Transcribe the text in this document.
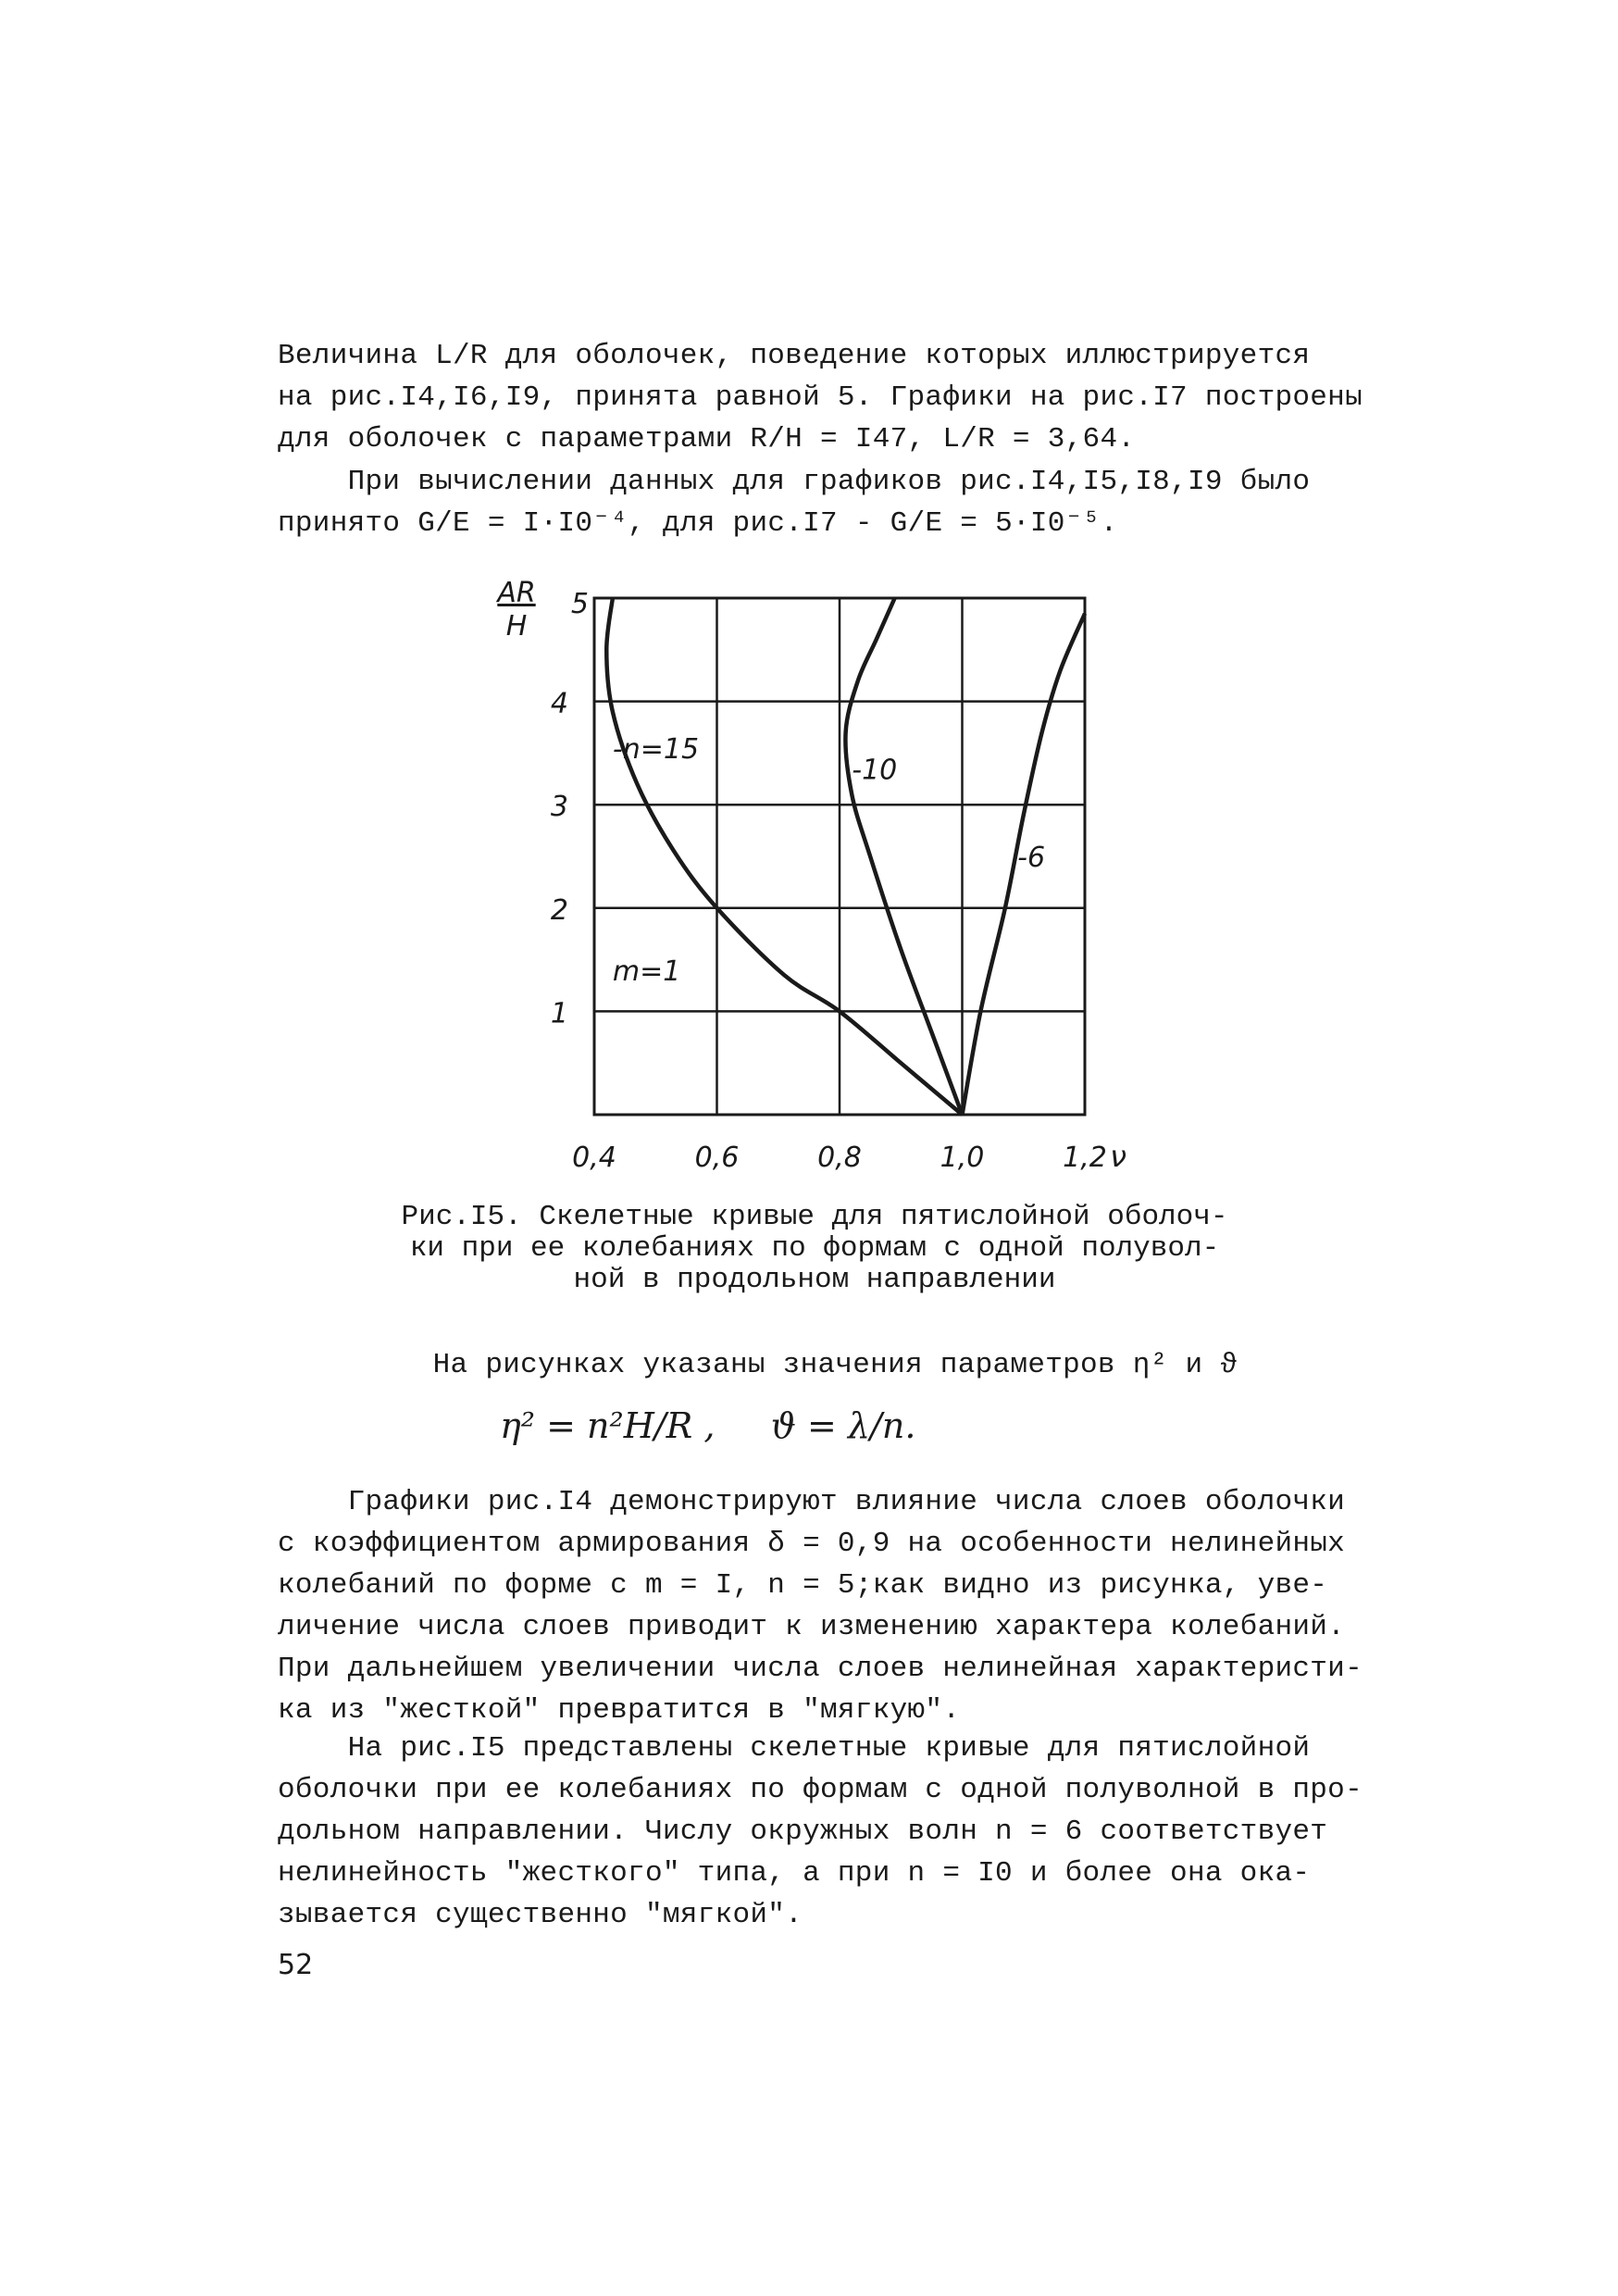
Величина L/R для оболочек, поведение которых иллюстрируется
на рис.I4,I6,I9, принята равной 5. Графики на рис.I7 построены
для оболочек с параметрами R/H = I47, L/R = 3,64.

При вычислении данных для графиков рис.I4,I5,I8,I9 было
принято G/E = I·I0⁻⁴, для рис.I7 - G/E = 5·I0⁻⁵.

0,4	0,6	0,8	1,0	1,2
1
2
3
4
5
ν
AR
H
-n=15
-10
-6
m=1

Рис.I5. Скелетные кривые для пятислойной оболоч-
ки при ее колебаниях по формам с одной полувол-
ной в продольном направлении

На рисунках указаны значения параметров η² и ϑ

η² = n²H/R ,     ϑ = λ/n.

Графики рис.I4 демонстрируют влияние числа слоев оболочки
с коэффициентом армирования δ = 0,9 на особенности нелинейных
колебаний по форме с m = I, n = 5;как видно из рисунка, уве-
личение числа слоев приводит к изменению характера колебаний.
При дальнейшем увеличении числа слоев нелинейная характеристи-
ка из "жесткой" превратится в "мягкую".

На рис.I5 представлены скелетные кривые для пятислойной
оболочки при ее колебаниях по формам с одной полуволной в про-
дольном направлении. Числу окружных волн n = 6 соответствует
нелинейность "жесткого" типа, а при n = I0 и более она ока-
зывается существенно "мягкой".

52
